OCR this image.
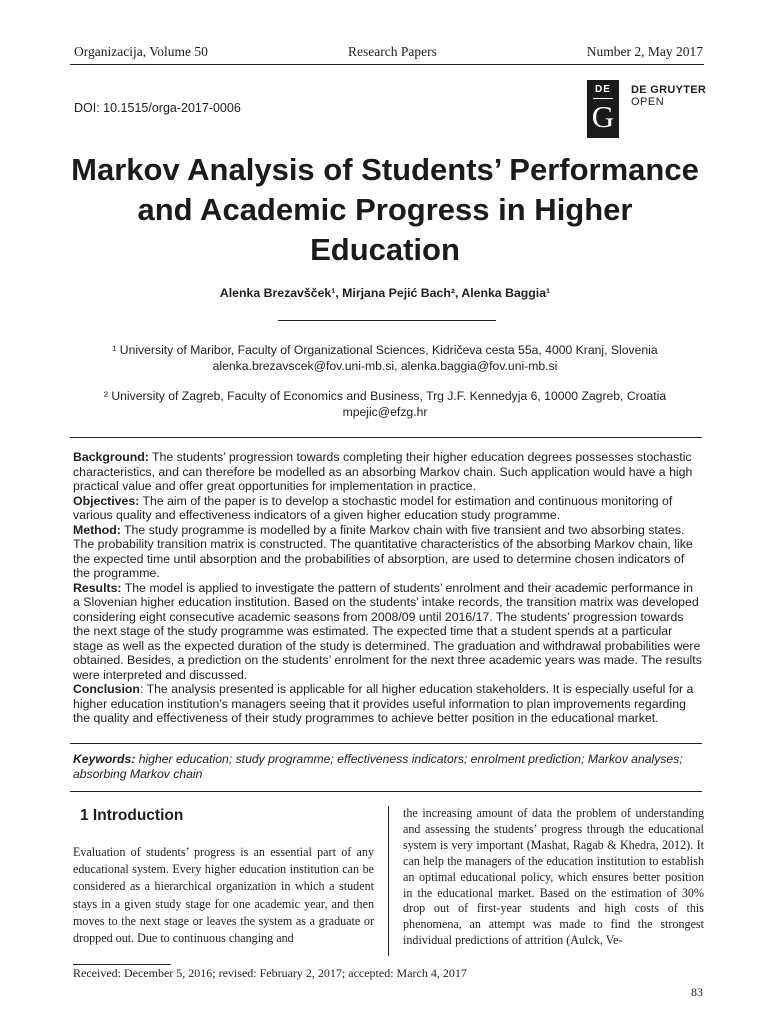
Organizacija, Volume 50	Research Papers	Number 2, May 2017
DOI: 10.1515/orga-2017-0006
DE
G
DE GRUYTER
OPEN
Markov Analysis of Students’ Performance and Academic Progress in Higher Education
Alenka Brezavšček¹, Mirjana Pejić Bach², Alenka Baggia¹
¹ University of Maribor, Faculty of Organizational Sciences, Kidričeva cesta 55a, 4000 Kranj, Slovenia
alenka.brezavscek@fov.uni-mb.si, alenka.baggia@fov.uni-mb.si
² University of Zagreb, Faculty of Economics and Business, Trg J.F. Kennedyja 6, 10000 Zagreb, Croatia
mpejic@efzg.hr

Background: The students’ progression towards completing their higher education degrees possesses stochastic characteristics, and can therefore be modelled as an absorbing Markov chain. Such application would have a high practical value and offer great opportunities for implementation in practice.

Objectives: The aim of the paper is to develop a stochastic model for estimation and continuous monitoring of various quality and effectiveness indicators of a given higher education study programme.

Method: The study programme is modelled by a finite Markov chain with five transient and two absorbing states. The probability transition matrix is constructed. The quantitative characteristics of the absorbing Markov chain, like the expected time until absorption and the probabilities of absorption, are used to determine chosen indicators of the programme.

Results: The model is applied to investigate the pattern of students’ enrolment and their academic performance in a Slovenian higher education institution. Based on the students’ intake records, the transition matrix was developed considering eight consecutive academic seasons from 2008/09 until 2016/17. The students’ progression towards the next stage of the study programme was estimated. The expected time that a student spends at a particular stage as well as the expected duration of the study is determined. The graduation and withdrawal probabilities were obtained. Besides, a prediction on the students’ enrolment for the next three academic years was made. The results were interpreted and discussed.

Conclusion: The analysis presented is applicable for all higher education stakeholders. It is especially useful for a higher education institution’s managers seeing that it provides useful information to plan improvements regarding the quality and effectiveness of their study programmes to achieve better position in the educational market.

Keywords: higher education; study programme; effectiveness indicators; enrolment prediction; Markov analyses; absorbing Markov chain
1 Introduction
Evaluation of students’ progress is an essential part of any educational system. Every higher education institution can be considered as a hierarchical organization in which a student stays in a given study stage for one academic year, and then moves to the next stage or leaves the system as a graduate or dropped out. Due to continuous changing and
the increasing amount of data the problem of understanding and assessing the students’ progress through the educational system is very important (Mashat, Ragab & Khedra, 2012). It can help the managers of the education institution to establish an optimal educational policy, which ensures better position in the educational market. Based on the estimation of 30% drop out of first-year students and high costs of this phenomena, an attempt was made to find the strongest individual predictions of attrition (Aulck, Ve-
Received: December 5, 2016; revised: February 2, 2017; accepted: March 4, 2017
83
